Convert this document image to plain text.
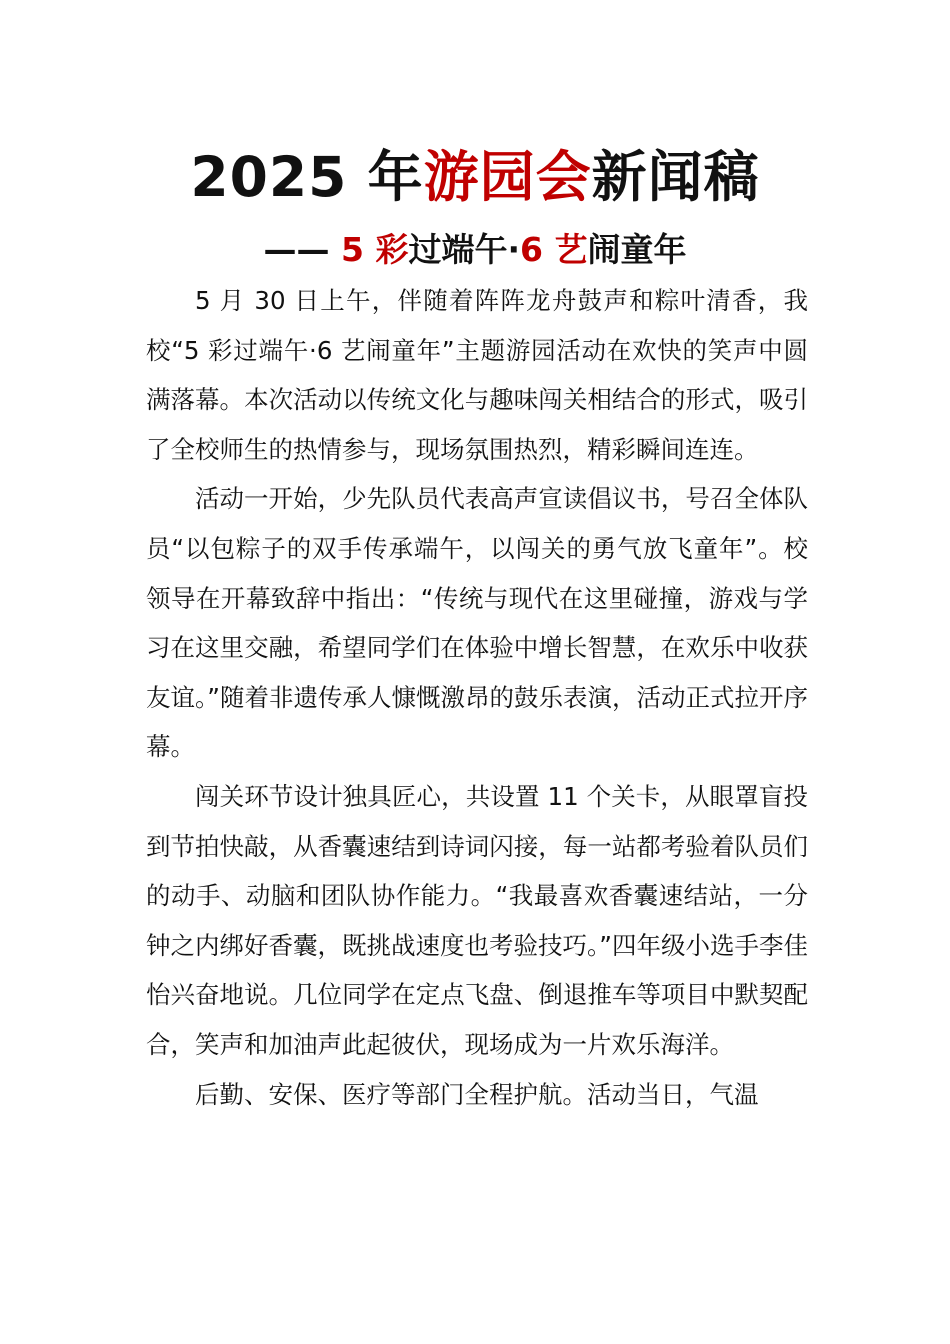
2025 年游园会新闻稿
—— 5 彩过端午·6 艺闹童年

5 月 30 日上午，伴随着阵阵龙舟鼓声和粽叶清香，我校“5 彩过端午·6 艺闹童年”主题游园活动在欢快的笑声中圆满落幕。本次活动以传统文化与趣味闯关相结合的形式，吸引了全校师生的热情参与，现场氛围热烈，精彩瞬间连连。

活动一开始，少先队员代表高声宣读倡议书，号召全体队员“以包粽子的双手传承端午，以闯关的勇气放飞童年”。校领导在开幕致辞中指出：“传统与现代在这里碰撞，游戏与学习在这里交融，希望同学们在体验中增长智慧，在欢乐中收获友谊。”随着非遗传承人慷慨激昂的鼓乐表演，活动正式拉开序幕。

闯关环节设计独具匠心，共设置 11 个关卡，从眼罩盲投到节拍快敲，从香囊速结到诗词闪接，每一站都考验着队员们的动手、动脑和团队协作能力。“我最喜欢香囊速结站，一分钟之内绑好香囊，既挑战速度也考验技巧。”四年级小选手李佳怡兴奋地说。几位同学在定点飞盘、倒退推车等项目中默契配合，笑声和加油声此起彼伏，现场成为一片欢乐海洋。

后勤、安保、医疗等部门全程护航。活动当日，气温
